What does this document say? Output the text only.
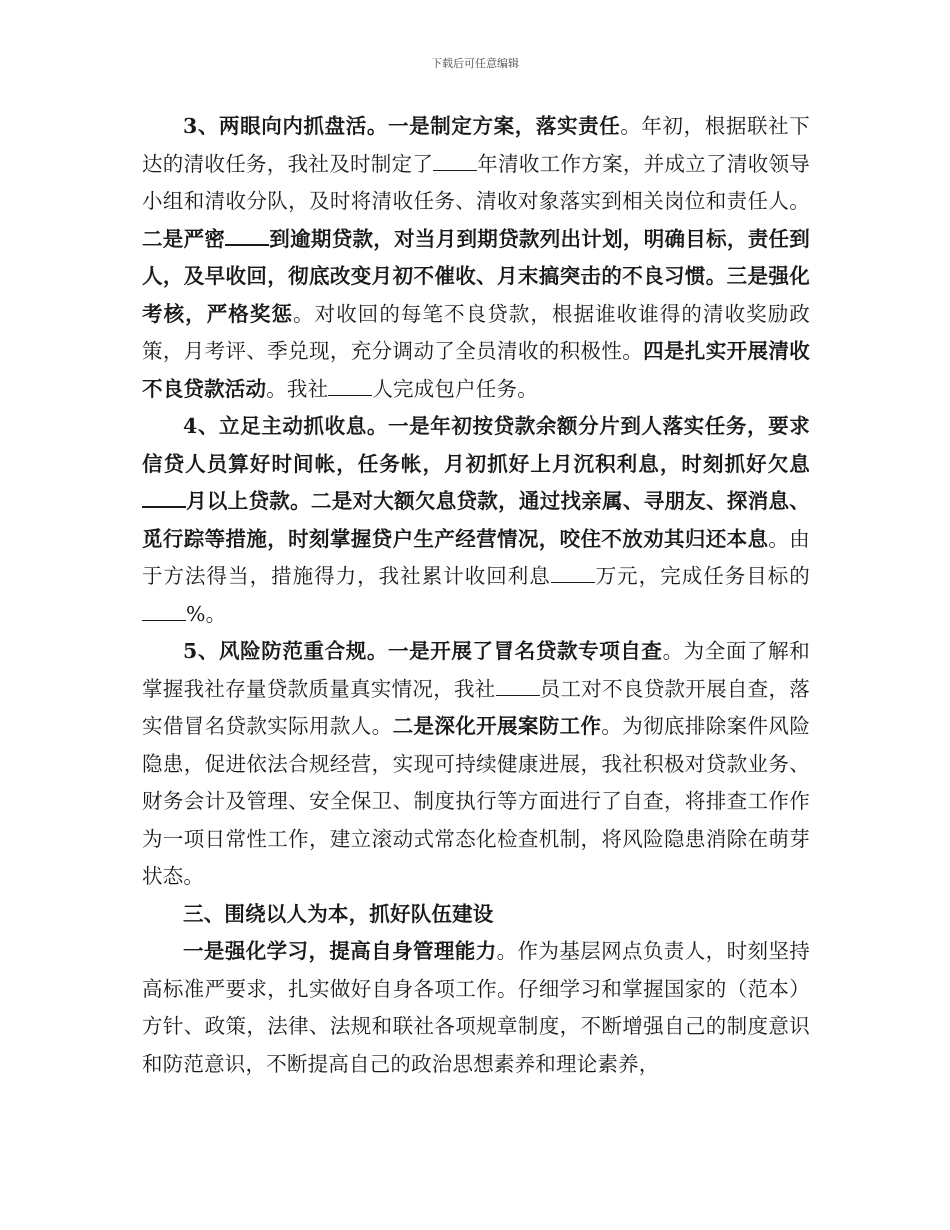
下载后可任意编辑

3、两眼向内抓盘活。一是制定方案，落实责任。年初，根据联社下达的清收任务，我社及时制定了 年清收工作方案，并成立了清收领导小组和清收分队，及时将清收任务、清收对象落实到相关岗位和责任人。二是严密 到逾期贷款，对当月到期贷款列出计划，明确目标，责任到人，及早收回，彻底改变月初不催收、月末搞突击的不良习惯。三是强化考核，严格奖惩。对收回的每笔不良贷款，根据谁收谁得的清收奖励政策，月考评、季兑现，充分调动了全员清收的积极性。四是扎实开展清收不良贷款活动。我社 人完成包户任务。

4、立足主动抓收息。一是年初按贷款余额分片到人落实任务，要求信贷人员算好时间帐，任务帐，月初抓好上月沉积利息，时刻抓好欠息月以上贷款。二是对大额欠息贷款，通过找亲属、寻朋友、探消息、觅行踪等措施，时刻掌握贷户生产经营情况，咬住不放劝其归还本息。由于方法得当，措施得力，我社累计收回利息 万元，完成任务目标的%。

5、风险防范重合规。一是开展了冒名贷款专项自查。为全面了解和掌握我社存量贷款质量真实情况，我社 员工对不良贷款开展自查，落实借冒名贷款实际用款人。二是深化开展案防工作。为彻底排除案件风险隐患，促进依法合规经营，实现可持续健康进展，我社积极对贷款业务、财务会计及管理、安全保卫、制度执行等方面进行了自查，将排查工作作为一项日常性工作，建立滚动式常态化检查机制，将风险隐患消除在萌芽状态。

三、围绕以人为本，抓好队伍建设

一是强化学习，提高自身管理能力。作为基层网点负责人，时刻坚持高标准严要求，扎实做好自身各项工作。仔细学习和掌握国家的（范本）方针、政策，法律、法规和联社各项规章制度，不断增强自己的制度意识和防范意识，不断提高自己的政治思想素养和理论素养，
